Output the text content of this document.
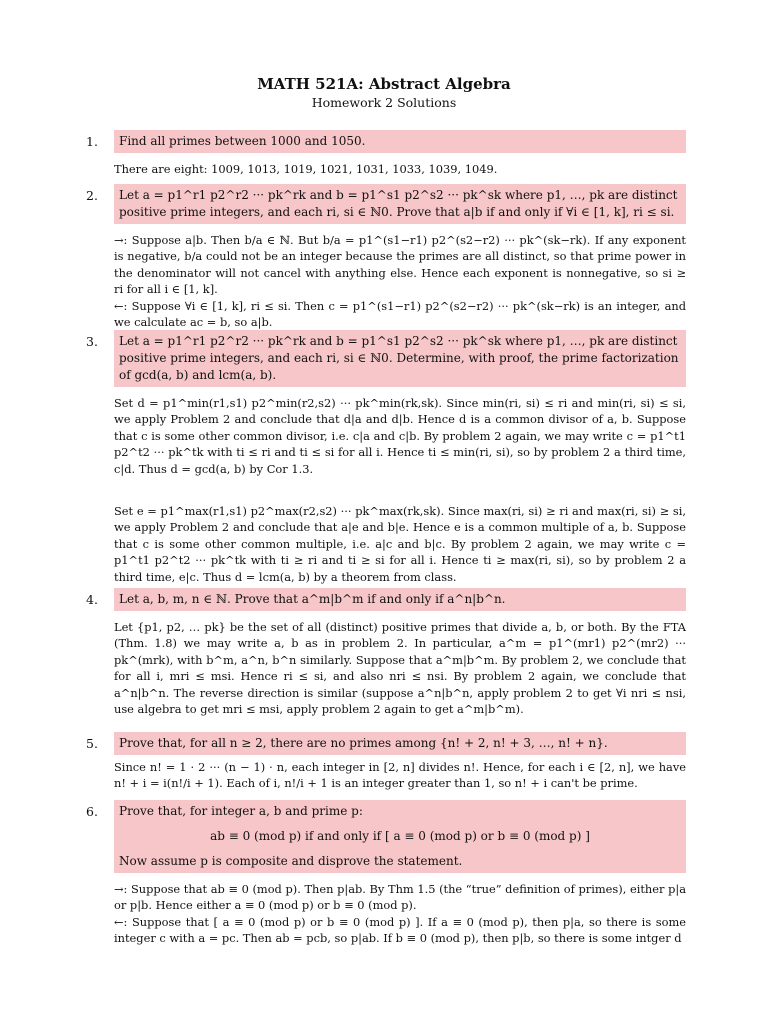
MATH 521A: Abstract Algebra
Homework 2 Solutions
1.	Find all primes between 1000 and 1050.

There are eight: 1009, 1013, 1019, 1021, 1031, 1033, 1039, 1049.

2.	Let a = p1^r1 p2^r2 ··· pk^rk and b = p1^s1 p2^s2 ··· pk^sk where p1, …, pk are distinct positive prime integers, and each ri, si ∈ ℕ0. Prove that a|b if and only if ∀i ∈ [1, k], ri ≤ si.

→: Suppose a|b. Then b/a ∈ ℕ. But b/a = p1^(s1−r1) p2^(s2−r2) ··· pk^(sk−rk). If any exponent is negative, b/a could not be an integer because the primes are all distinct, so that prime power in the denominator will not cancel with anything else. Hence each exponent is nonnegative, so si ≥ ri for all i ∈ [1, k].

←: Suppose ∀i ∈ [1, k], ri ≤ si. Then c = p1^(s1−r1) p2^(s2−r2) ··· pk^(sk−rk) is an integer, and we calculate ac = b, so a|b.

3.	Let a = p1^r1 p2^r2 ··· pk^rk and b = p1^s1 p2^s2 ··· pk^sk where p1, …, pk are distinct positive prime integers, and each ri, si ∈ ℕ0. Determine, with proof, the prime factorization of gcd(a, b) and lcm(a, b).

Set d = p1^min(r1,s1) p2^min(r2,s2) ··· pk^min(rk,sk). Since min(ri, si) ≤ ri and min(ri, si) ≤ si, we apply Problem 2 and conclude that d|a and d|b. Hence d is a common divisor of a, b. Suppose that c is some other common divisor, i.e. c|a and c|b. By problem 2 again, we may write c = p1^t1 p2^t2 ··· pk^tk with ti ≤ ri and ti ≤ si for all i. Hence ti ≤ min(ri, si), so by problem 2 a third time, c|d. Thus d = gcd(a, b) by Cor 1.3.

Set e = p1^max(r1,s1) p2^max(r2,s2) ··· pk^max(rk,sk). Since max(ri, si) ≥ ri and max(ri, si) ≥ si, we apply Problem 2 and conclude that a|e and b|e. Hence e is a common multiple of a, b. Suppose that c is some other common multiple, i.e. a|c and b|c. By problem 2 again, we may write c = p1^t1 p2^t2 ··· pk^tk with ti ≥ ri and ti ≥ si for all i. Hence ti ≥ max(ri, si), so by problem 2 a third time, e|c. Thus d = lcm(a, b) by a theorem from class.

4.	Let a, b, m, n ∈ ℕ. Prove that a^m|b^m if and only if a^n|b^n.

Let {p1, p2, … pk} be the set of all (distinct) positive primes that divide a, b, or both. By the FTA (Thm. 1.8) we may write a, b as in problem 2. In particular, a^m = p1^(mr1) p2^(mr2) ··· pk^(mrk), with b^m, a^n, b^n similarly. Suppose that a^m|b^m. By problem 2, we conclude that for all i, mri ≤ msi. Hence ri ≤ si, and also nri ≤ nsi. By problem 2 again, we conclude that a^n|b^n. The reverse direction is similar (suppose a^n|b^n, apply problem 2 to get ∀i nri ≤ nsi, use algebra to get mri ≤ msi, apply problem 2 again to get a^m|b^m).

5.	Prove that, for all n ≥ 2, there are no primes among {n! + 2, n! + 3, …, n! + n}.

Since n! = 1 · 2 ··· (n − 1) · n, each integer in [2, n] divides n!. Hence, for each i ∈ [2, n], we have n! + i = i(n!/i + 1). Each of i, n!/i + 1 is an integer greater than 1, so n! + i can't be prime.

6.	Prove that, for integer a, b and prime p:
ab ≡ 0 (mod p) if and only if [ a ≡ 0 (mod p) or b ≡ 0 (mod p) ]
Now assume p is composite and disprove the statement.

→: Suppose that ab ≡ 0 (mod p). Then p|ab. By Thm 1.5 (the “true” definition of primes), either p|a or p|b. Hence either a ≡ 0 (mod p) or b ≡ 0 (mod p).

←: Suppose that [ a ≡ 0 (mod p) or b ≡ 0 (mod p) ]. If a ≡ 0 (mod p), then p|a, so there is some integer c with a = pc. Then ab = pcb, so p|ab. If b ≡ 0 (mod p), then p|b, so there is some intger d
